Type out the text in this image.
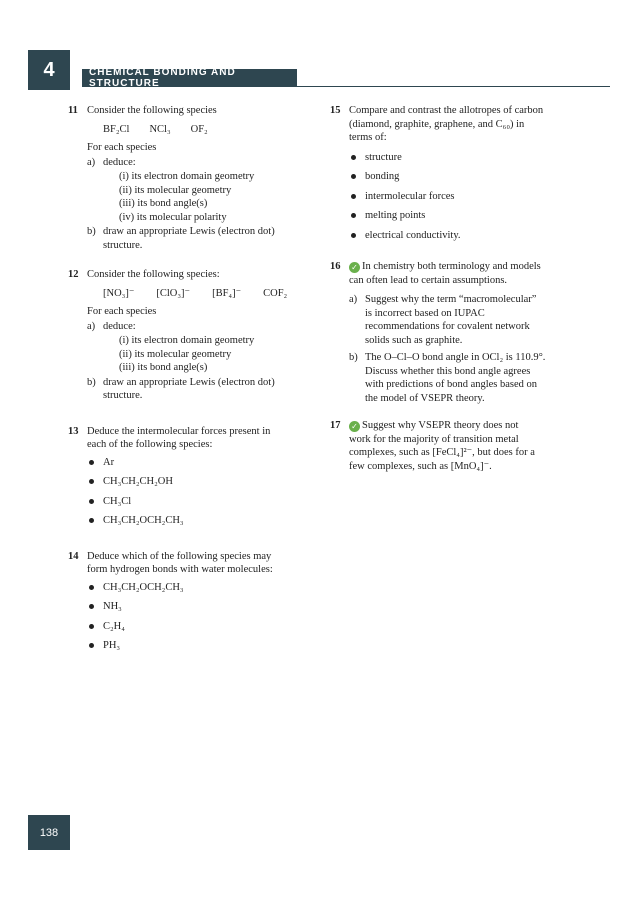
4	CHEMICAL BONDING AND STRUCTURE
11 Consider the following species
BF₂Cl NCl₃ OF₂
For each species
a) deduce:
(i) its electron domain geometry
(ii) its molecular geometry
(iii) its bond angle(s)
(iv) its molecular polarity
b) draw an appropriate Lewis (electron dot)
structure.
12 Consider the following species:
[NO₃]⁻ [ClO₃]⁻ [BF₄]⁻ COF₂
For each species
a) deduce:
(i) its electron domain geometry
(ii) its molecular geometry
(iii) its bond angle(s)
b) draw an appropriate Lewis (electron dot)
structure.
13 Deduce the intermolecular forces present in
each of the following species:
Ar
CH₃CH₂CH₂OH
CH₃Cl
CH₃CH₂OCH₂CH₃
14 Deduce which of the following species may
form hydrogen bonds with water molecules:
CH₃CH₂OCH₂CH₃
NH₃
C₂H₄
PH₃
15 Compare and contrast the allotropes of carbon
(diamond, graphite, graphene, and C₆₀) in
terms of:
structure
bonding
intermolecular forces
melting points
electrical conductivity.
16 ✓ In chemistry both terminology and models
can often lead to certain assumptions.
a) Suggest why the term “macromolecular”
is incorrect based on IUPAC
recommendations for covalent network
solids such as graphite.
b) The O–Cl–O bond angle in OCl₂ is 110.9°.
Discuss whether this bond angle agrees
with predictions of bond angles based on
the model of VSEPR theory.
17 ✓ Suggest why VSEPR theory does not
work for the majority of transition metal
complexes, such as [FeCl₄]²⁻, but does for a
few complexes, such as [MnO₄]⁻.
138
